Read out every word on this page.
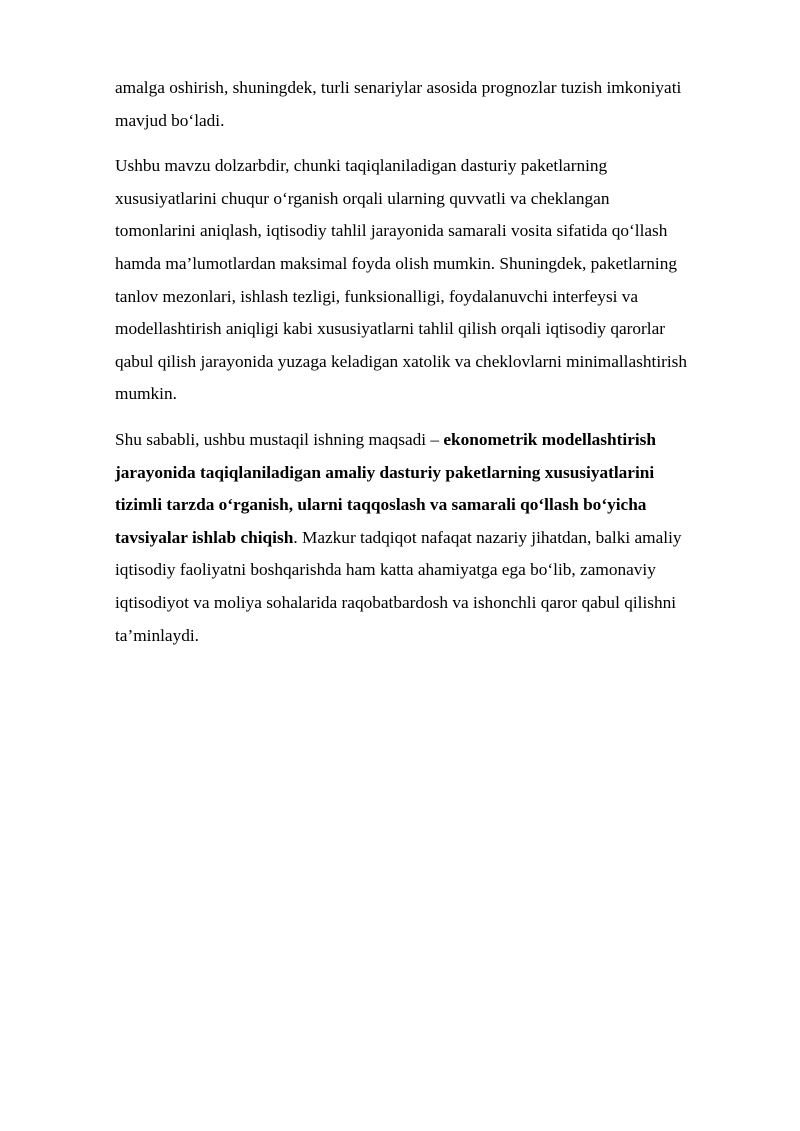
amalga oshirish, shuningdek, turli senariylar asosida prognozlar tuzish imkoniyati
mavjud bo‘ladi.

Ushbu mavzu dolzarbdir, chunki taqiqlaniladigan dasturiy paketlarning
xususiyatlarini chuqur o‘rganish orqali ularning quvvatli va cheklangan
tomonlarini aniqlash, iqtisodiy tahlil jarayonida samarali vosita sifatida qo‘llash
hamda ma’lumotlardan maksimal foyda olish mumkin. Shuningdek, paketlarning
tanlov mezonlari, ishlash tezligi, funksionalligi, foydalanuvchi interfeysi va
modellashtirish aniqligi kabi xususiyatlarni tahlil qilish orqali iqtisodiy qarorlar
qabul qilish jarayonida yuzaga keladigan xatolik va cheklovlarni minimallashtirish
mumkin.

Shu sababli, ushbu mustaqil ishning maqsadi – ekonometrik modellashtirish
jarayonida taqiqlaniladigan amaliy dasturiy paketlarning xususiyatlarini
tizimli tarzda o‘rganish, ularni taqqoslash va samarali qo‘llash bo‘yicha
tavsiyalar ishlab chiqish. Mazkur tadqiqot nafaqat nazariy jihatdan, balki amaliy
iqtisodiy faoliyatni boshqarishda ham katta ahamiyatga ega bo‘lib, zamonaviy
iqtisodiyot va moliya sohalarida raqobatbardosh va ishonchli qaror qabul qilishni
ta’minlaydi.
